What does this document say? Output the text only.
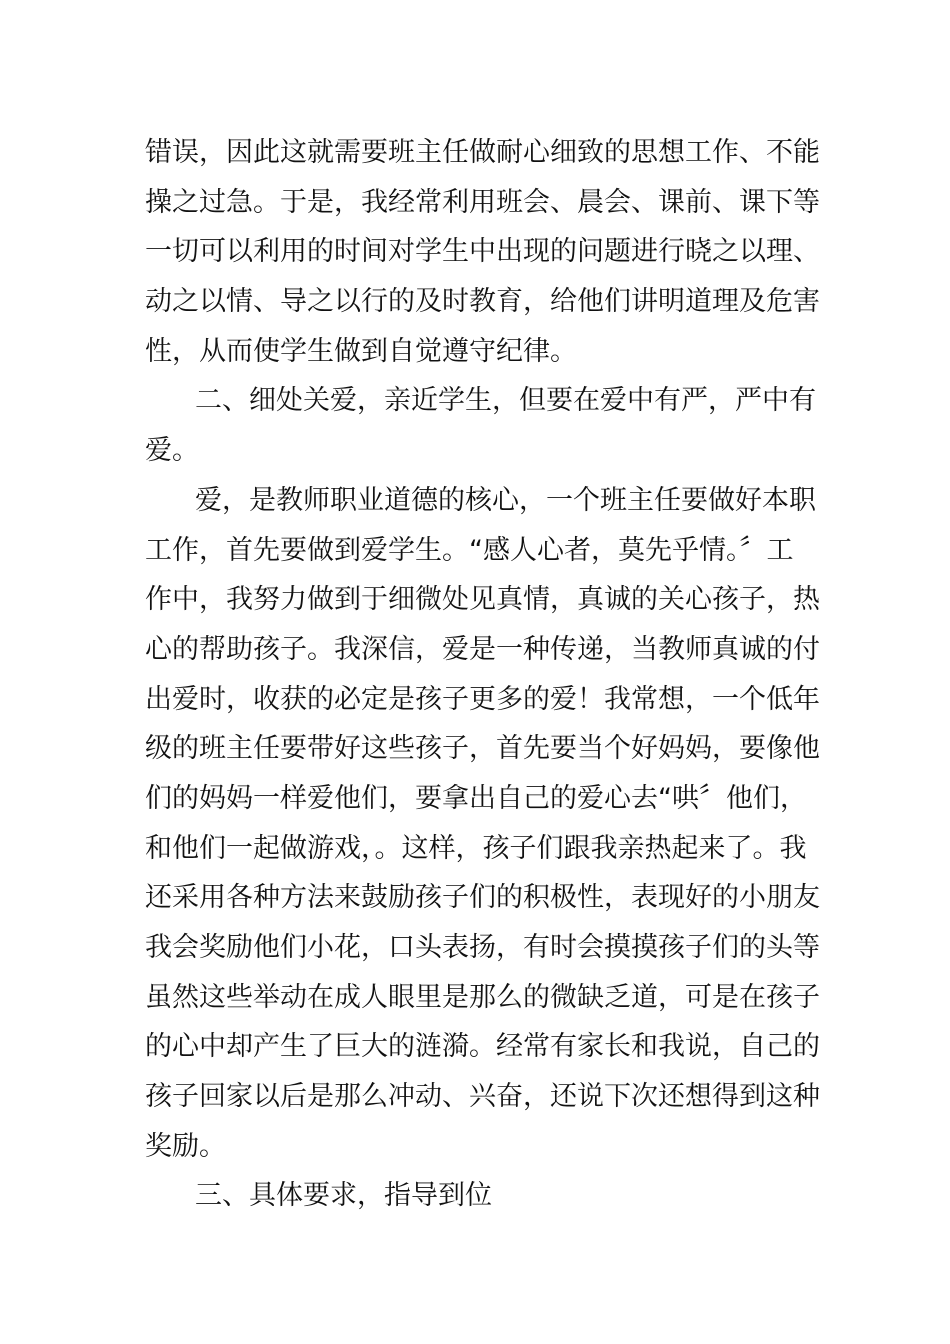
错误，因此这就需要班主任做耐心细致的思想工作、不能
操之过急。于是，我经常利用班会、晨会、课前、课下等
一切可以利用的时间对学生中出现的问题进行晓之以理、
动之以情、导之以行的及时教育，给他们讲明道理及危害
性，从而使学生做到自觉遵守纪律。
二、细处关爱，亲近学生，但要在爱中有严，严中有
爱。
爱，是教师职业道德的核心，一个班主任要做好本职
工作，首先要做到爱学生。“感人心者，莫先乎情。〞工
作中，我努力做到于细微处见真情，真诚的关心孩子，热
心的帮助孩子。我深信，爱是一种传递，当教师真诚的付
出爱时，收获的必定是孩子更多的爱！我常想，一个低年
级的班主任要带好这些孩子，首先要当个好妈妈，要像他
们的妈妈一样爱他们，要拿出自己的爱心去“哄〞他们，
和他们一起做游戏，。这样，孩子们跟我亲热起来了。我
还采用各种方法来鼓励孩子们的积极性，表现好的小朋友
我会奖励他们小花，口头表扬，有时会摸摸孩子们的头等
虽然这些举动在成人眼里是那么的微缺乏道，可是在孩子
的心中却产生了巨大的涟漪。经常有家长和我说，自己的
孩子回家以后是那么冲动、兴奋，还说下次还想得到这种
奖励。
三、具体要求，指导到位
